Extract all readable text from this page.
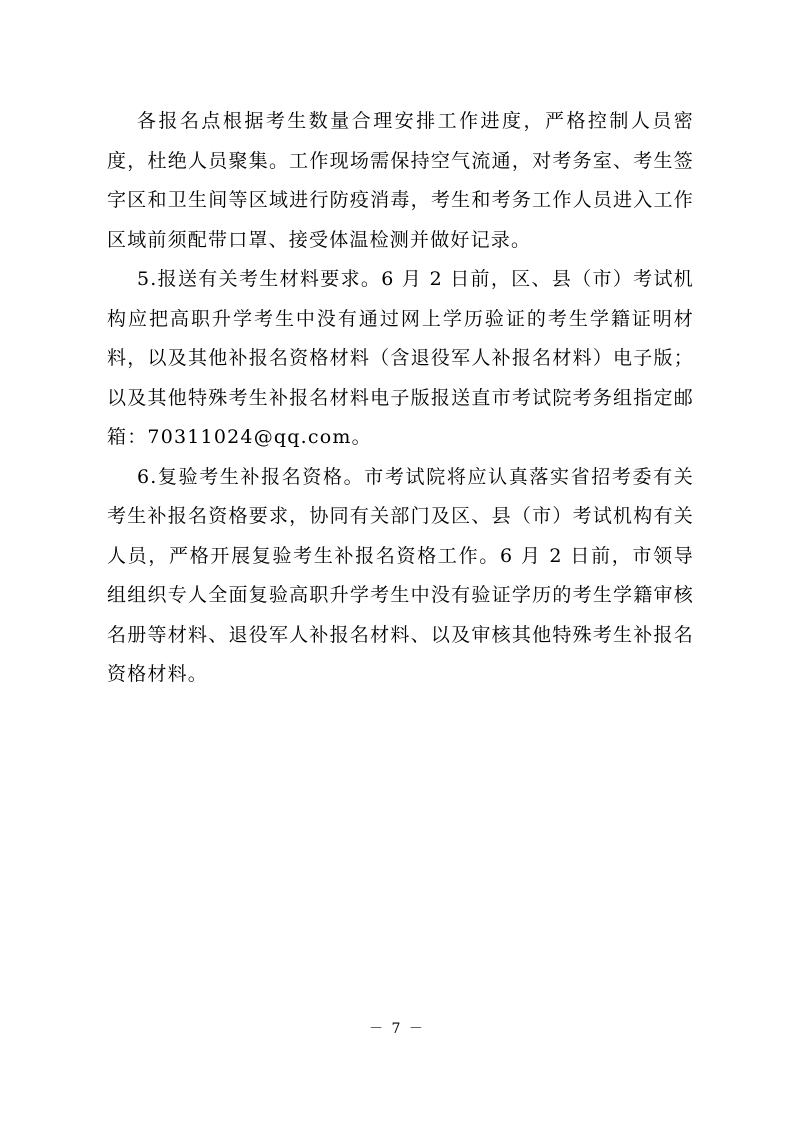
各报名点根据考生数量合理安排工作进度，严格控制人员密度，杜绝人员聚集。工作现场需保持空气流通，对考务室、考生签字区和卫生间等区域进行防疫消毒，考生和考务工作人员进入工作区域前须配带口罩、接受体温检测并做好记录。

5.报送有关考生材料要求。6 月 2 日前，区、县（市）考试机构应把高职升学考生中没有通过网上学历验证的考生学籍证明材料，以及其他补报名资格材料（含退役军人补报名材料）电子版；以及其他特殊考生补报名材料电子版报送直市考试院考务组指定邮箱：70311024@qq.com。

6.复验考生补报名资格。市考试院将应认真落实省招考委有关考生补报名资格要求，协同有关部门及区、县（市）考试机构有关人员，严格开展复验考生补报名资格工作。6 月 2 日前，市领导组组织专人全面复验高职升学考生中没有验证学历的考生学籍审核名册等材料、退役军人补报名材料、以及审核其他特殊考生补报名资格材料。

－ 7 －
